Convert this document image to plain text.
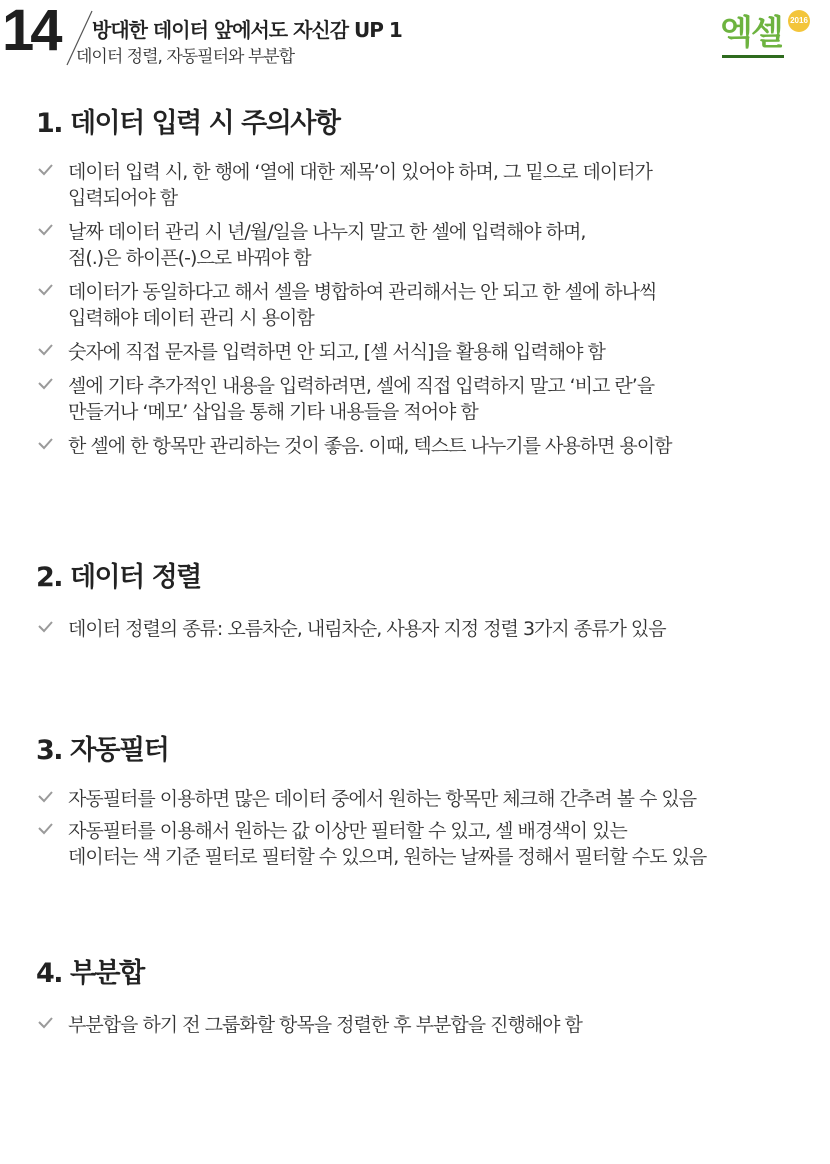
14 방대한 데이터 앞에서도 자신감 UP 1
데이터 정렬, 자동필터와 부분합
엑셀	2016
1. 데이터 입력 시 주의사항
데이터 입력 시, 한 행에 ‘열에 대한 제목’이 있어야 하며, 그 밑으로 데이터가
입력되어야 함
날짜 데이터 관리 시 년/월/일을 나누지 말고 한 셀에 입력해야 하며,
점(.)은 하이픈(-)으로 바꿔야 함
데이터가 동일하다고 해서 셀을 병합하여 관리해서는 안 되고 한 셀에 하나씩
입력해야 데이터 관리 시 용이함
숫자에 직접 문자를 입력하면 안 되고, [셀 서식]을 활용해 입력해야 함
셀에 기타 추가적인 내용을 입력하려면, 셀에 직접 입력하지 말고 ‘비고 란’을
만들거나 ‘메모’ 삽입을 통해 기타 내용들을 적어야 함
한 셀에 한 항목만 관리하는 것이 좋음. 이때, 텍스트 나누기를 사용하면 용이함
2. 데이터 정렬
데이터 정렬의 종류: 오름차순, 내림차순, 사용자 지정 정렬 3가지 종류가 있음
3. 자동필터
자동필터를 이용하면 많은 데이터 중에서 원하는 항목만 체크해 간추려 볼 수 있음
자동필터를 이용해서 원하는 값 이상만 필터할 수 있고, 셀 배경색이 있는
데이터는 색 기준 필터로 필터할 수 있으며, 원하는 날짜를 정해서 필터할 수도 있음
4. 부분합
부분합을 하기 전 그룹화할 항목을 정렬한 후 부분합을 진행해야 함
